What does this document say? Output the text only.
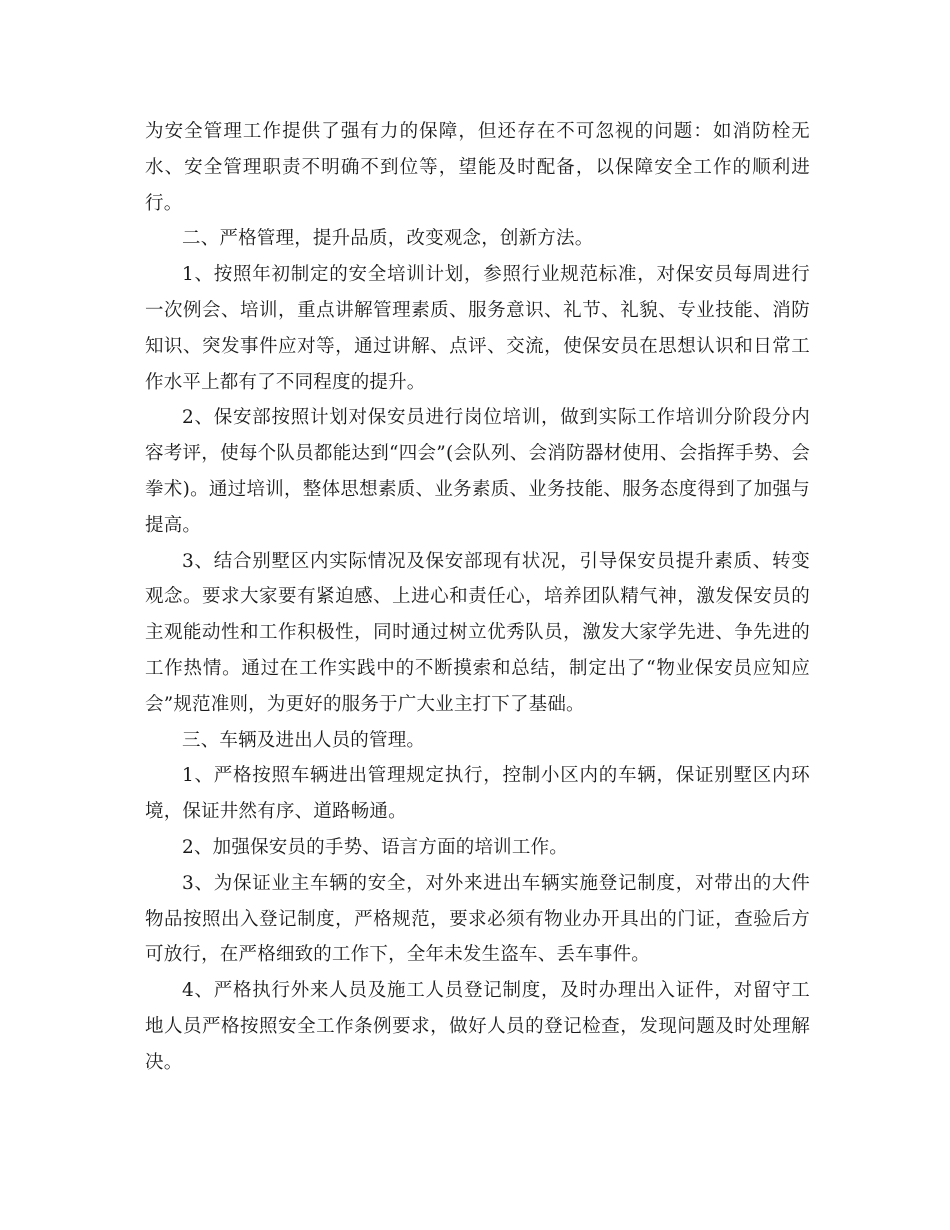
为安全管理工作提供了强有力的保障，但还存在不可忽视的问题：如消防栓无水、安全管理职责不明确不到位等，望能及时配备，以保障安全工作的顺利进行。

二、严格管理，提升品质，改变观念，创新方法。

1、按照年初制定的安全培训计划，参照行业规范标准，对保安员每周进行一次例会、培训，重点讲解管理素质、服务意识、礼节、礼貌、专业技能、消防知识、突发事件应对等，通过讲解、点评、交流，使保安员在思想认识和日常工作水平上都有了不同程度的提升。

2、保安部按照计划对保安员进行岗位培训，做到实际工作培训分阶段分内容考评，使每个队员都能达到“四会”(会队列、会消防器材使用、会指挥手势、会拳术)。通过培训，整体思想素质、业务素质、业务技能、服务态度得到了加强与提高。

3、结合别墅区内实际情况及保安部现有状况，引导保安员提升素质、转变观念。要求大家要有紧迫感、上进心和责任心，培养团队精气神，激发保安员的主观能动性和工作积极性，同时通过树立优秀队员，激发大家学先进、争先进的工作热情。通过在工作实践中的不断摸索和总结，制定出了“物业保安员应知应会”规范准则，为更好的服务于广大业主打下了基础。

三、车辆及进出人员的管理。

1、严格按照车辆进出管理规定执行，控制小区内的车辆，保证别墅区内环境，保证井然有序、道路畅通。

2、加强保安员的手势、语言方面的培训工作。

3、为保证业主车辆的安全，对外来进出车辆实施登记制度，对带出的大件物品按照出入登记制度，严格规范，要求必须有物业办开具出的门证，查验后方可放行，在严格细致的工作下，全年未发生盗车、丢车事件。

4、严格执行外来人员及施工人员登记制度，及时办理出入证件，对留守工地人员严格按照安全工作条例要求，做好人员的登记检查，发现问题及时处理解决。
